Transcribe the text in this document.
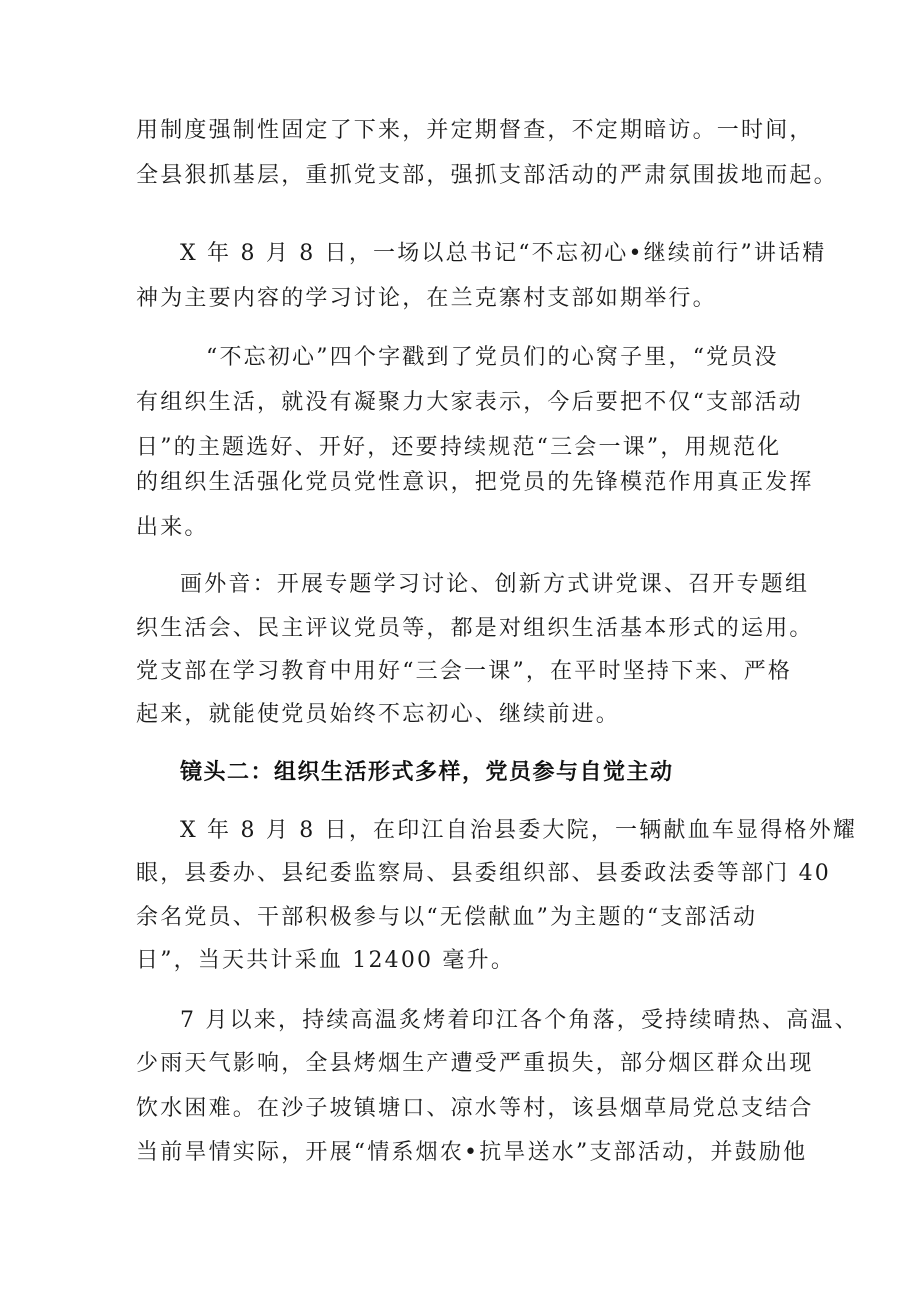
用制度强制性固定了下来，并定期督查，不定期暗访。一时间，
全县狠抓基层，重抓党支部，强抓支部活动的严肃氛围拔地而起。
X 年 8 月 8 日，一场以总书记“不忘初心•继续前行”讲话精
神为主要内容的学习讨论，在兰克寨村支部如期举行。
“不忘初心”四个字戳到了党员们的心窝子里，“党员没
有组织生活，就没有凝聚力大家表示，今后要把不仅“支部活动
日”的主题选好、开好，还要持续规范“三会一课”，用规范化
的组织生活强化党员党性意识，把党员的先锋模范作用真正发挥
出来。
画外音：开展专题学习讨论、创新方式讲党课、召开专题组
织生活会、民主评议党员等，都是对组织生活基本形式的运用。
党支部在学习教育中用好“三会一课”，在平时坚持下来、严格
起来，就能使党员始终不忘初心、继续前进。
镜头二：组织生活形式多样，党员参与自觉主动
X 年 8 月 8 日，在印江自治县委大院，一辆献血车显得格外耀
眼，县委办、县纪委监察局、县委组织部、县委政法委等部门 40
余名党员、干部积极参与以“无偿献血”为主题的“支部活动
日”，当天共计采血 12400 毫升。
7 月以来，持续高温炙烤着印江各个角落，受持续晴热、高温、
少雨天气影响，全县烤烟生产遭受严重损失，部分烟区群众出现
饮水困难。在沙子坡镇塘口、凉水等村，该县烟草局党总支结合
当前旱情实际，开展“情系烟农•抗旱送水”支部活动，并鼓励他
